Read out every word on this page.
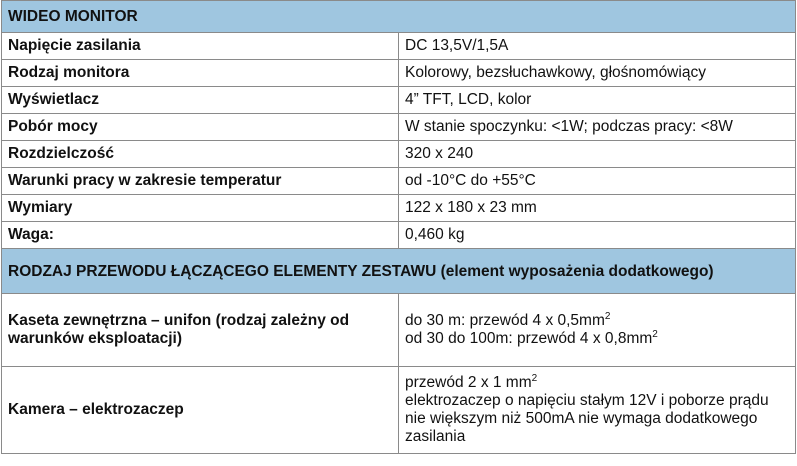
WIDEO MONITOR	
Napięcie zasilania	DC 13,5V/1,5A
Rodzaj monitora	Kolorowy, bezsłuchawkowy, głośnomówiący
Wyświetlacz	4” TFT, LCD, kolor
Pobór mocy	W stanie spoczynku: <1W; podczas pracy: <8W
Rozdzielczość	320 x 240
Warunki pracy w zakresie temperatur	od -10°C do +55°C
Wymiary	122 x 180 x 23 mm
Waga:	0,460 kg
RODZAJ PRZEWODU ŁĄCZĄCEGO ELEMENTY ZESTAWU (element wyposażenia dodatkowego)	
Kaseta zewnętrzna – unifon (rodzaj zależny od warunków eksploatacji)	do 30 m: przewód 4 x $0,5mm^2$
od 30 do 100m: przewód 4 x $0,8mm^2$

Kamera – elektrozaczep	przewód 2 x 1 $mm^2$
elektrozaczep o napięciu stałym 12V i poborze prądu nie większym niż 500mA nie wymaga dodatkowego zasilania
